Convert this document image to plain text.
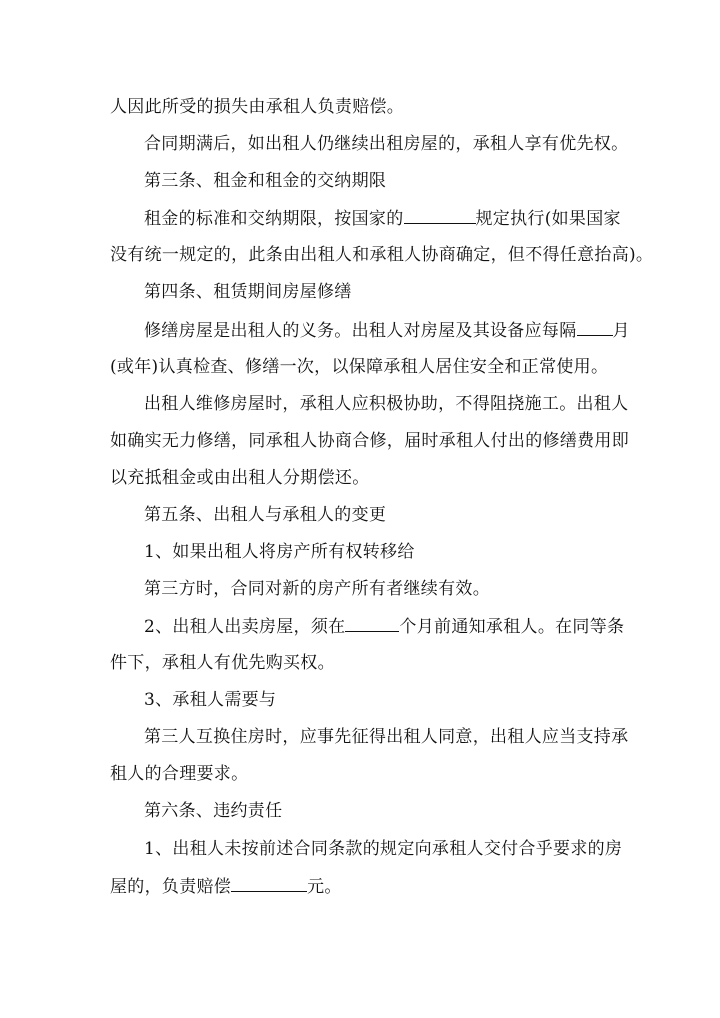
人因此所受的损失由承租人负责赔偿。
合同期满后，如出租人仍继续出租房屋的，承租人享有优先权。
第三条、租金和租金的交纳期限
租金的标准和交纳期限，按国家的	规定执行(如果国家
没有统一规定的，此条由出租人和承租人协商确定，但不得任意抬高)。
第四条、租赁期间房屋修缮
修缮房屋是出租人的义务。出租人对房屋及其设备应每隔 月
(或年)认真检查、修缮一次，以保障承租人居住安全和正常使用。
出租人维修房屋时，承租人应积极协助，不得阻挠施工。出租人
如确实无力修缮，同承租人协商合修，届时承租人付出的修缮费用即
以充抵租金或由出租人分期偿还。
第五条、出租人与承租人的变更
1、如果出租人将房产所有权转移给
第三方时，合同对新的房产所有者继续有效。
2、出租人出卖房屋，须在	个月前通知承租人。在同等条
件下，承租人有优先购买权。
3、承租人需要与
第三人互换住房时，应事先征得出租人同意，出租人应当支持承
租人的合理要求。
第六条、违约责任
1、出租人未按前述合同条款的规定向承租人交付合乎要求的房
屋的，负责赔偿	元。
